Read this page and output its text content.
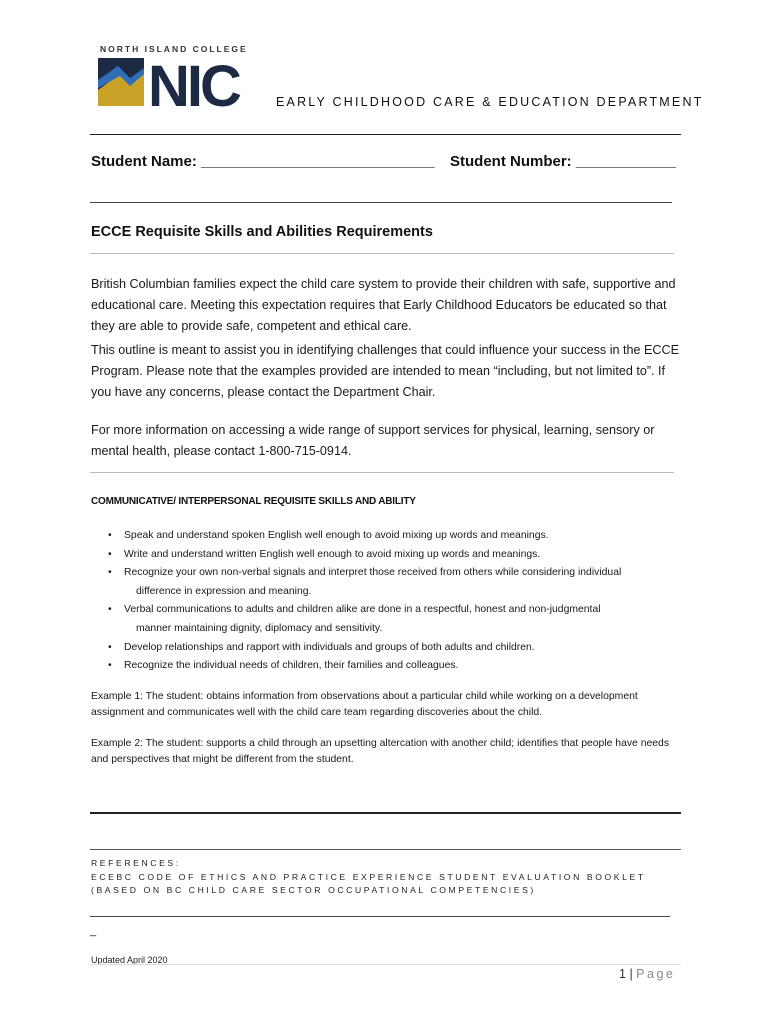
NORTH ISLAND COLLEGE
NIC	EARLY CHILDHOOD CARE & EDUCATION DEPARTMENT
Student Name: ____________________________ Student Number: ____________
ECCE Requisite Skills and Abilities Requirements
British Columbian families expect the child care system to provide their children with safe, supportive and educational care. Meeting this expectation requires that Early Childhood Educators be educated so that they are able to provide safe, competent and ethical care.
This outline is meant to assist you in identifying challenges that could influence your success in the ECCE Program. Please note that the examples provided are intended to mean “including, but not limited to”. If you have any concerns, please contact the Department Chair.
For more information on accessing a wide range of support services for physical, learning, sensory or mental health, please contact 1-800-715-0914.
COMMUNICATIVE/ INTERPERSONAL REQUISITE SKILLS AND ABILITY
• Speak and understand spoken English well enough to avoid mixing up words and meanings.
• Write and understand written English well enough to avoid mixing up words and meanings.
• Recognize your own non-verbal signals and interpret those received from others while considering individual
difference in expression and meaning.
• Verbal communications to adults and children alike are done in a respectful, honest and non-judgmental
manner maintaining dignity, diplomacy and sensitivity.
• Develop relationships and rapport with individuals and groups of both adults and children.
• Recognize the individual needs of children, their families and colleagues.
Example 1: The student: obtains information from observations about a particular child while working on a development assignment and communicates well with the child care team regarding discoveries about the child.
Example 2: The student: supports a child through an upsetting altercation with another child; identifies that people have needs and perspectives that might be different from the student.
REFERENCES:
ECEBC CODE OF ETHICS AND PRACTICE EXPERIENCE STUDENT EVALUATION BOOKLET (BASED ON BC CHILD CARE SECTOR OCCUPATIONAL COMPETENCIES)
_
Updated April 2020
1 | Page
